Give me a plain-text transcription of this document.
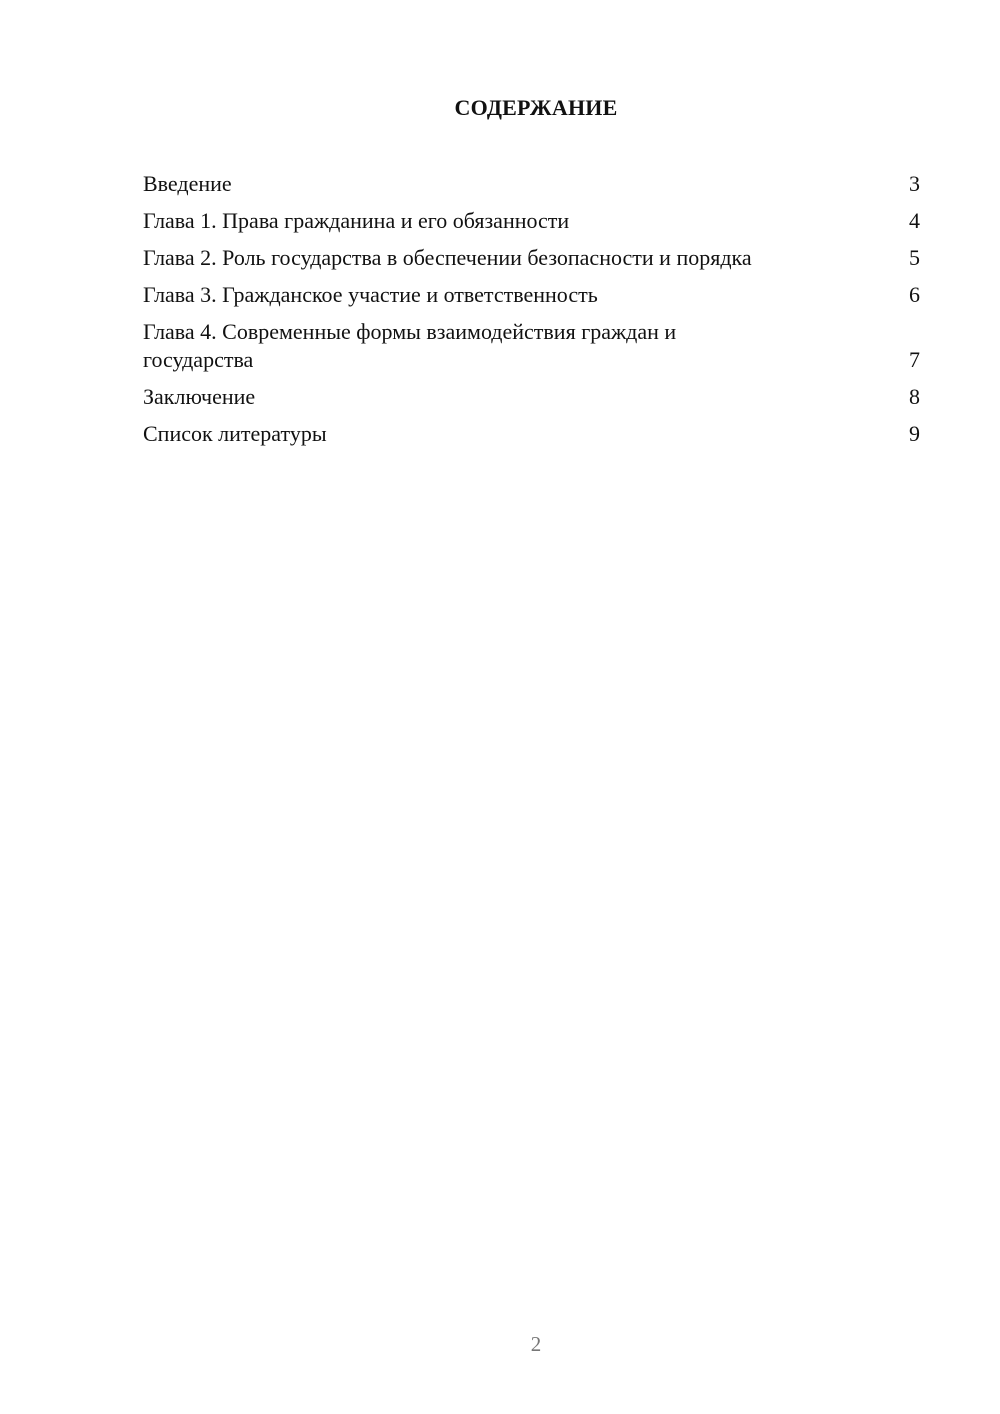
СОДЕРЖАНИЕ
Введение	3
Глава 1. Права гражданина и его обязанности	4
Глава 2. Роль государства в обеспечении безопасности и порядка	5
Глава 3. Гражданское участие и ответственность	6
Глава 4. Современные формы взаимодействия граждан и государства	7
Заключение	8
Список литературы	9
2
